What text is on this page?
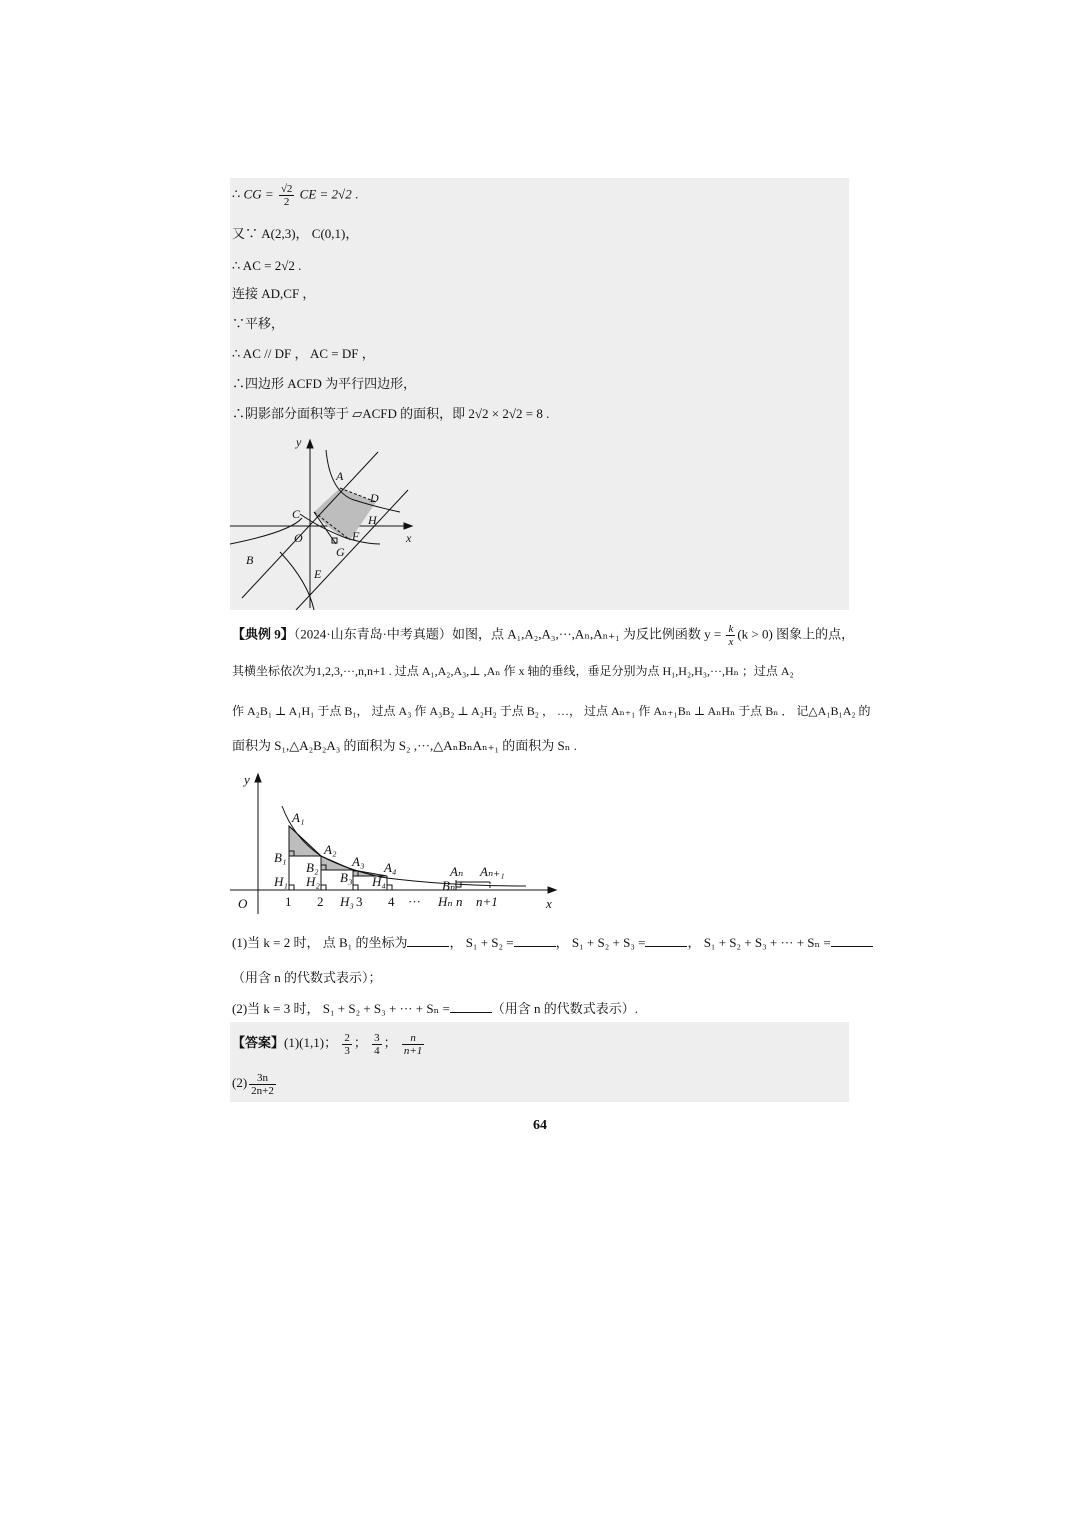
∴ CG = $\frac{√2}{2}$ CE = 2√2 .
又∵ A(2,3)， C(0,1)，
∴ AC = 2√2 .
连接 AD,CF ，
∵平移，
∴ AC // DF ， AC = DF ，
∴四边形 ACFD 为平行四边形，
∴阴影部分面积等于 ▱ACFD 的面积，即 2√2 × 2√2 = 8 .
y
x
O
A
B
C
D
E
F
G
H
【典例 9】（2024·山东青岛·中考真题）如图，点 A₁,A₂,A₃,···,Aₙ,Aₙ₊₁ 为反比例函数 $y = \frac{k}{x} (k > 0)$ 图象上的点，
其横坐标依次为1,2,3,···,n,n+1 . 过点 A₁,A₂,A₃,⊥ ,Aₙ 作 x 轴的垂线，垂足分别为点 H₁,H₂,H₃,···,Hₙ ；过点 A₂
作 A₂B₁ ⊥ A₁H₁ 于点 B₁， 过点 A₃ 作 A₃B₂ ⊥ A₂H₂ 于点 B₂ ， …， 过点 Aₙ₊₁ 作 Aₙ₊₁Bₙ ⊥ AₙHₙ 于点 Bₙ ． 记△A₁B₁A₂ 的
面积为 S₁,△A₂B₂A₃ 的面积为 S₂ ,···,△AₙBₙAₙ₊₁ 的面积为 Sₙ .
y
x
O
A₁
A₂
A₃ A₄	Aₙ Aₙ₊₁
B₁
B₂
B₃
Bₙ
H₁ H₂
H₃
H₄
Hₙ
1 2	3 4 ···	n n+1
(1)当 k = 2 时， 点 B₁ 的坐标为	， S₁ + S₂ =	， S₁ + S₂ + S₃ =	， S₁ + S₂ + S₃ + ··· + Sₙ =
（用含 n 的代数式表示）；
(2)当 k = 3 时， S₁ + S₂ + S₃ + ··· + Sₙ =	（用含 n 的代数式表示）.
【答案】(1)(1,1)； $\frac{2}{3}$ ； $\frac{3}{4}$ ； $\frac{n}{n+1}$
$(2) \frac{3n}{2n+2}$
64
